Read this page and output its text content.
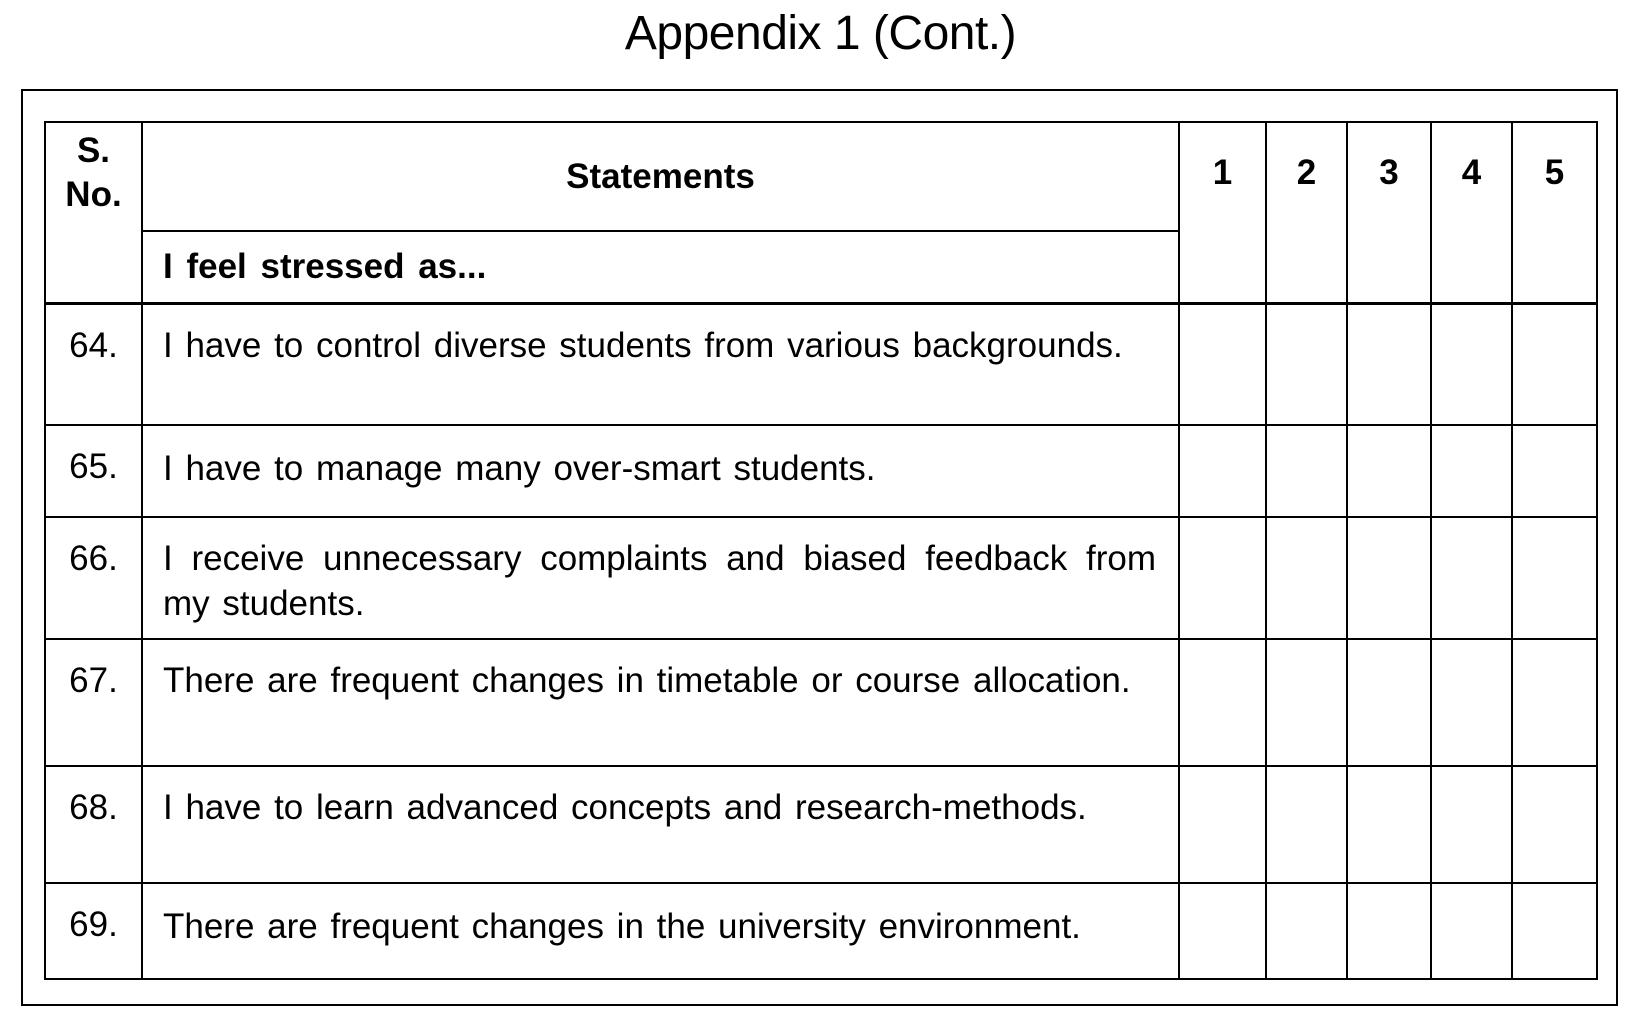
Appendix 1 (Cont.)
S. No.	Statements	1	2	3	4	5
	I feel stressed as...					
64.	I have to control diverse students from various backgrounds.					
65.	I have to manage many over-smart students.					
66.	I receive unnecessary complaints and biased feedback from my students.					
67.	There are frequent changes in timetable or course allocation.					
68.	I have to learn advanced concepts and research-methods.					
69.	There are frequent changes in the university environment.					
